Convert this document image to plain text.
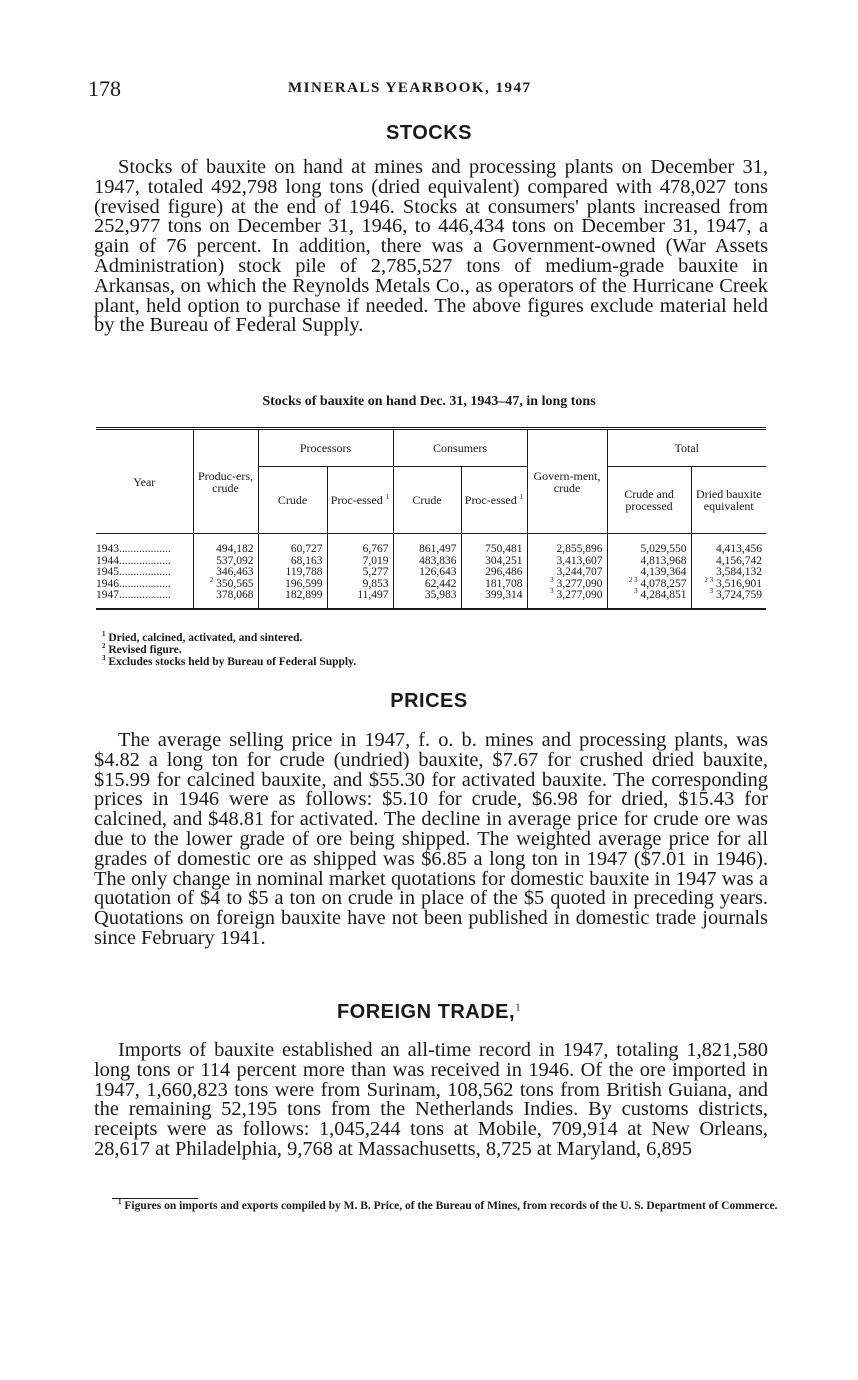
178	MINERALS YEARBOOK, 1947
STOCKS

Stocks of bauxite on hand at mines and processing plants on December 31, 1947, totaled 492,798 long tons (dried equivalent) compared with 478,027 tons (revised figure) at the end of 1946. Stocks at consumers' plants increased from 252,977 tons on December 31, 1946, to 446,434 tons on December 31, 1947, a gain of 76 percent. In addition, there was a Government-owned (War Assets Administration) stock pile of 2,785,527 tons of medium-grade bauxite in Arkansas, on which the Reynolds Metals Co., as operators of the Hurricane Creek plant, held option to purchase if needed. The above figures exclude material held by the Bureau of Federal Supply.

Stocks of bauxite on hand Dec. 31, 1943–47, in long tons
Year	Produc-ers, crude	Processors		Consumers		Govern-ment, crude	Total	
		Crude	Proc-essed $^1$	Crude	Proc-essed $^1$		Crude and processed	Dried bauxite equivalent

1943..................	494,182	60,727	6,767	861,497	750,481	2,855,896	5,029,550	4,413,456
1944..................	537,092	68,163	7,019	483,836	304,251	3,413,607	4,813,968	4,156,742
1945..................	346,463	119,788	5,277	126,643	296,486	3,244,707	4,139,364	3,584,132
1946..................	$^2$ 350,565	196,599	9,853	62,442	181,708	$^3$ 3,277,090	$^{2 3}$ 4,078,257	$^{2 3}$ 3,516,901
1947..................	378,068	182,899	11,497	35,983	399,314	$^3$ 3,277,090	$^3$ 4,284,851	$^3$ 3,724,759

$^1$ Dried, calcined, activated, and sintered.
$^2$ Revised figure.
$^3$ Excludes stocks held by Bureau of Federal Supply.
PRICES

The average selling price in 1947, f. o. b. mines and processing plants, was $4.82 a long ton for crude (undried) bauxite, $7.67 for crushed dried bauxite, $15.99 for calcined bauxite, and $55.30 for activated bauxite. The corresponding prices in 1946 were as follows: $5.10 for crude, $6.98 for dried, $15.43 for calcined, and $48.81 for activated. The decline in average price for crude ore was due to the lower grade of ore being shipped. The weighted average price for all grades of domestic ore as shipped was $6.85 a long ton in 1947 ($7.01 in 1946). The only change in nominal market quotations for domestic bauxite in 1947 was a quotation of $4 to $5 a ton on crude in place of the $5 quoted in preceding years. Quotations on foreign bauxite have not been published in domestic trade journals since February 1941.

FOREIGN TRADE,$^1$

Imports of bauxite established an all-time record in 1947, totaling 1,821,580 long tons or 114 percent more than was received in 1946. Of the ore imported in 1947, 1,660,823 tons were from Surinam, 108,562 tons from British Guiana, and the remaining 52,195 tons from the Netherlands Indies. By customs districts, receipts were as follows: 1,045,244 tons at Mobile, 709,914 at New Orleans, 28,617 at Philadelphia, 9,768 at Massachusetts, 8,725 at Maryland, 6,895

$^1$ Figures on imports and exports compiled by M. B. Price, of the Bureau of Mines, from records of the U. S. Department of Commerce.
